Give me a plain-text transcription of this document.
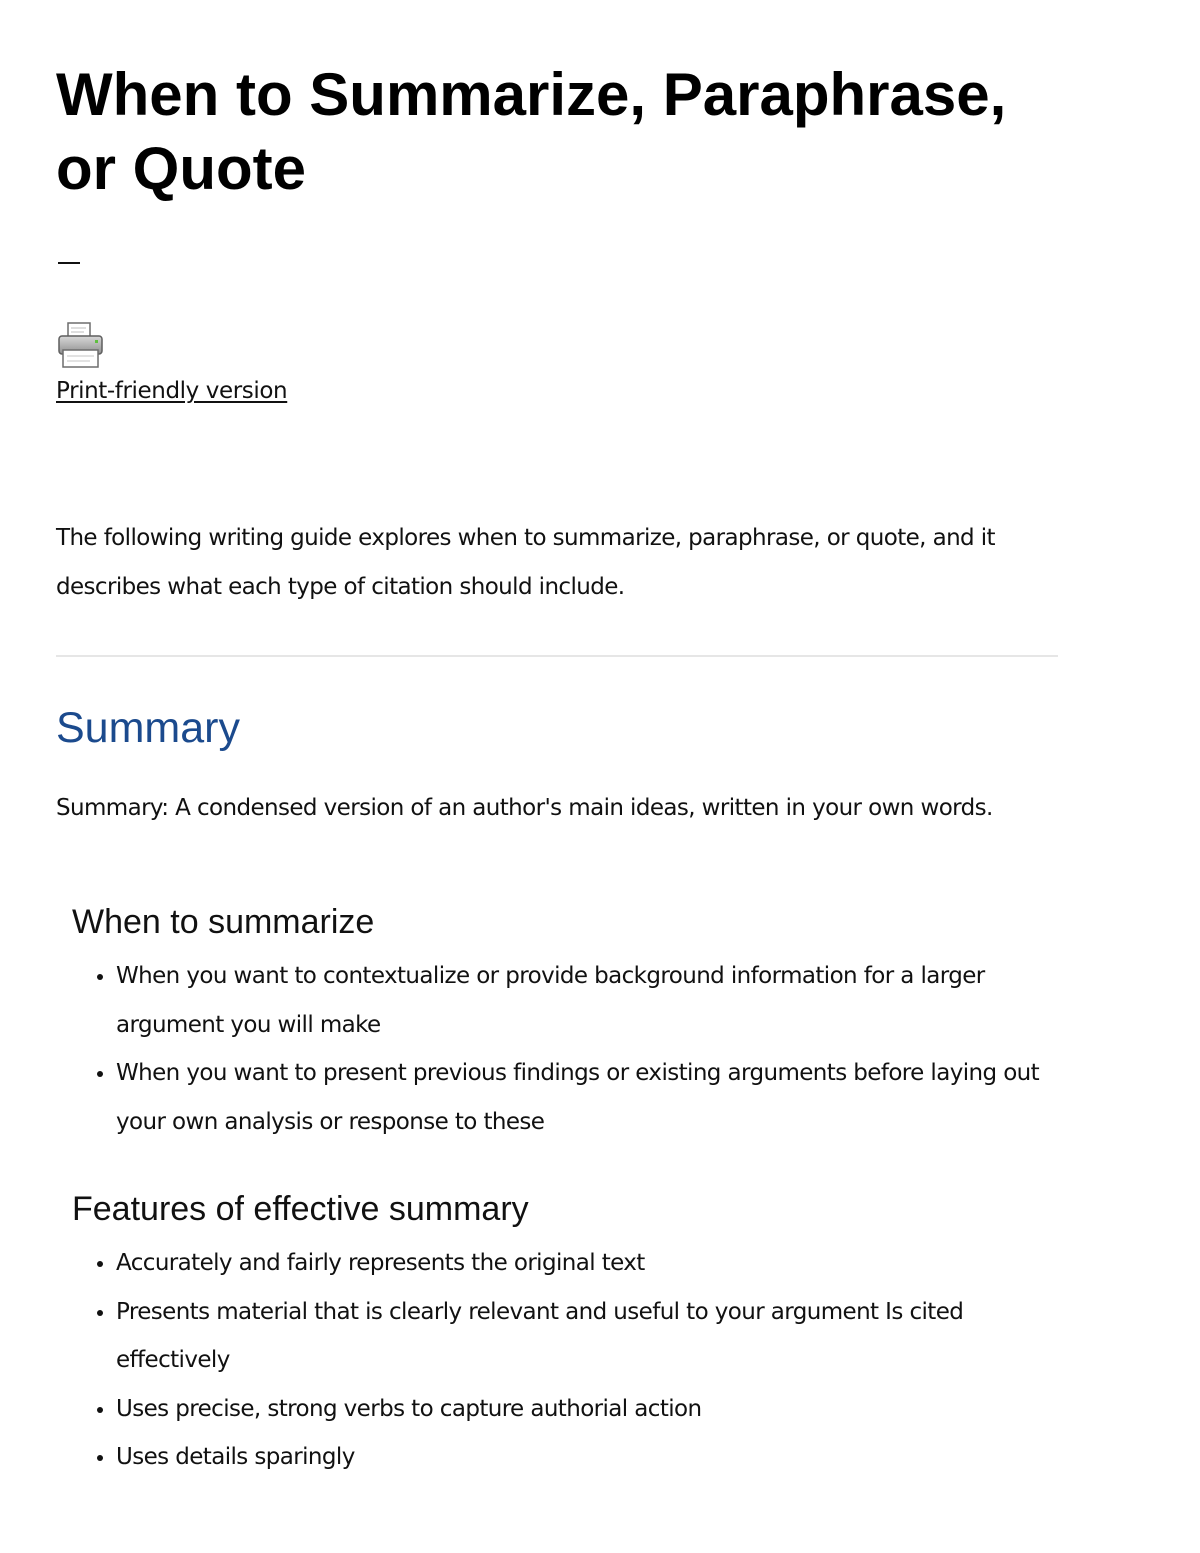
When to Summarize, Paraphrase, or Quote
Print-friendly version

The following writing guide explores when to summarize, paraphrase, or quote, and it describes what each type of citation should include.

Summary

Summary: A condensed version of an author's main ideas, written in your own words.

When to summarize
• When you want to contextualize or provide background information for a larger argument you will make
• When you want to present previous findings or existing arguments before laying out your own analysis or response to these
Features of effective summary
• Accurately and fairly represents the original text
• Presents material that is clearly relevant and useful to your argument Is cited effectively
• Uses precise, strong verbs to capture authorial action
• Uses details sparingly
